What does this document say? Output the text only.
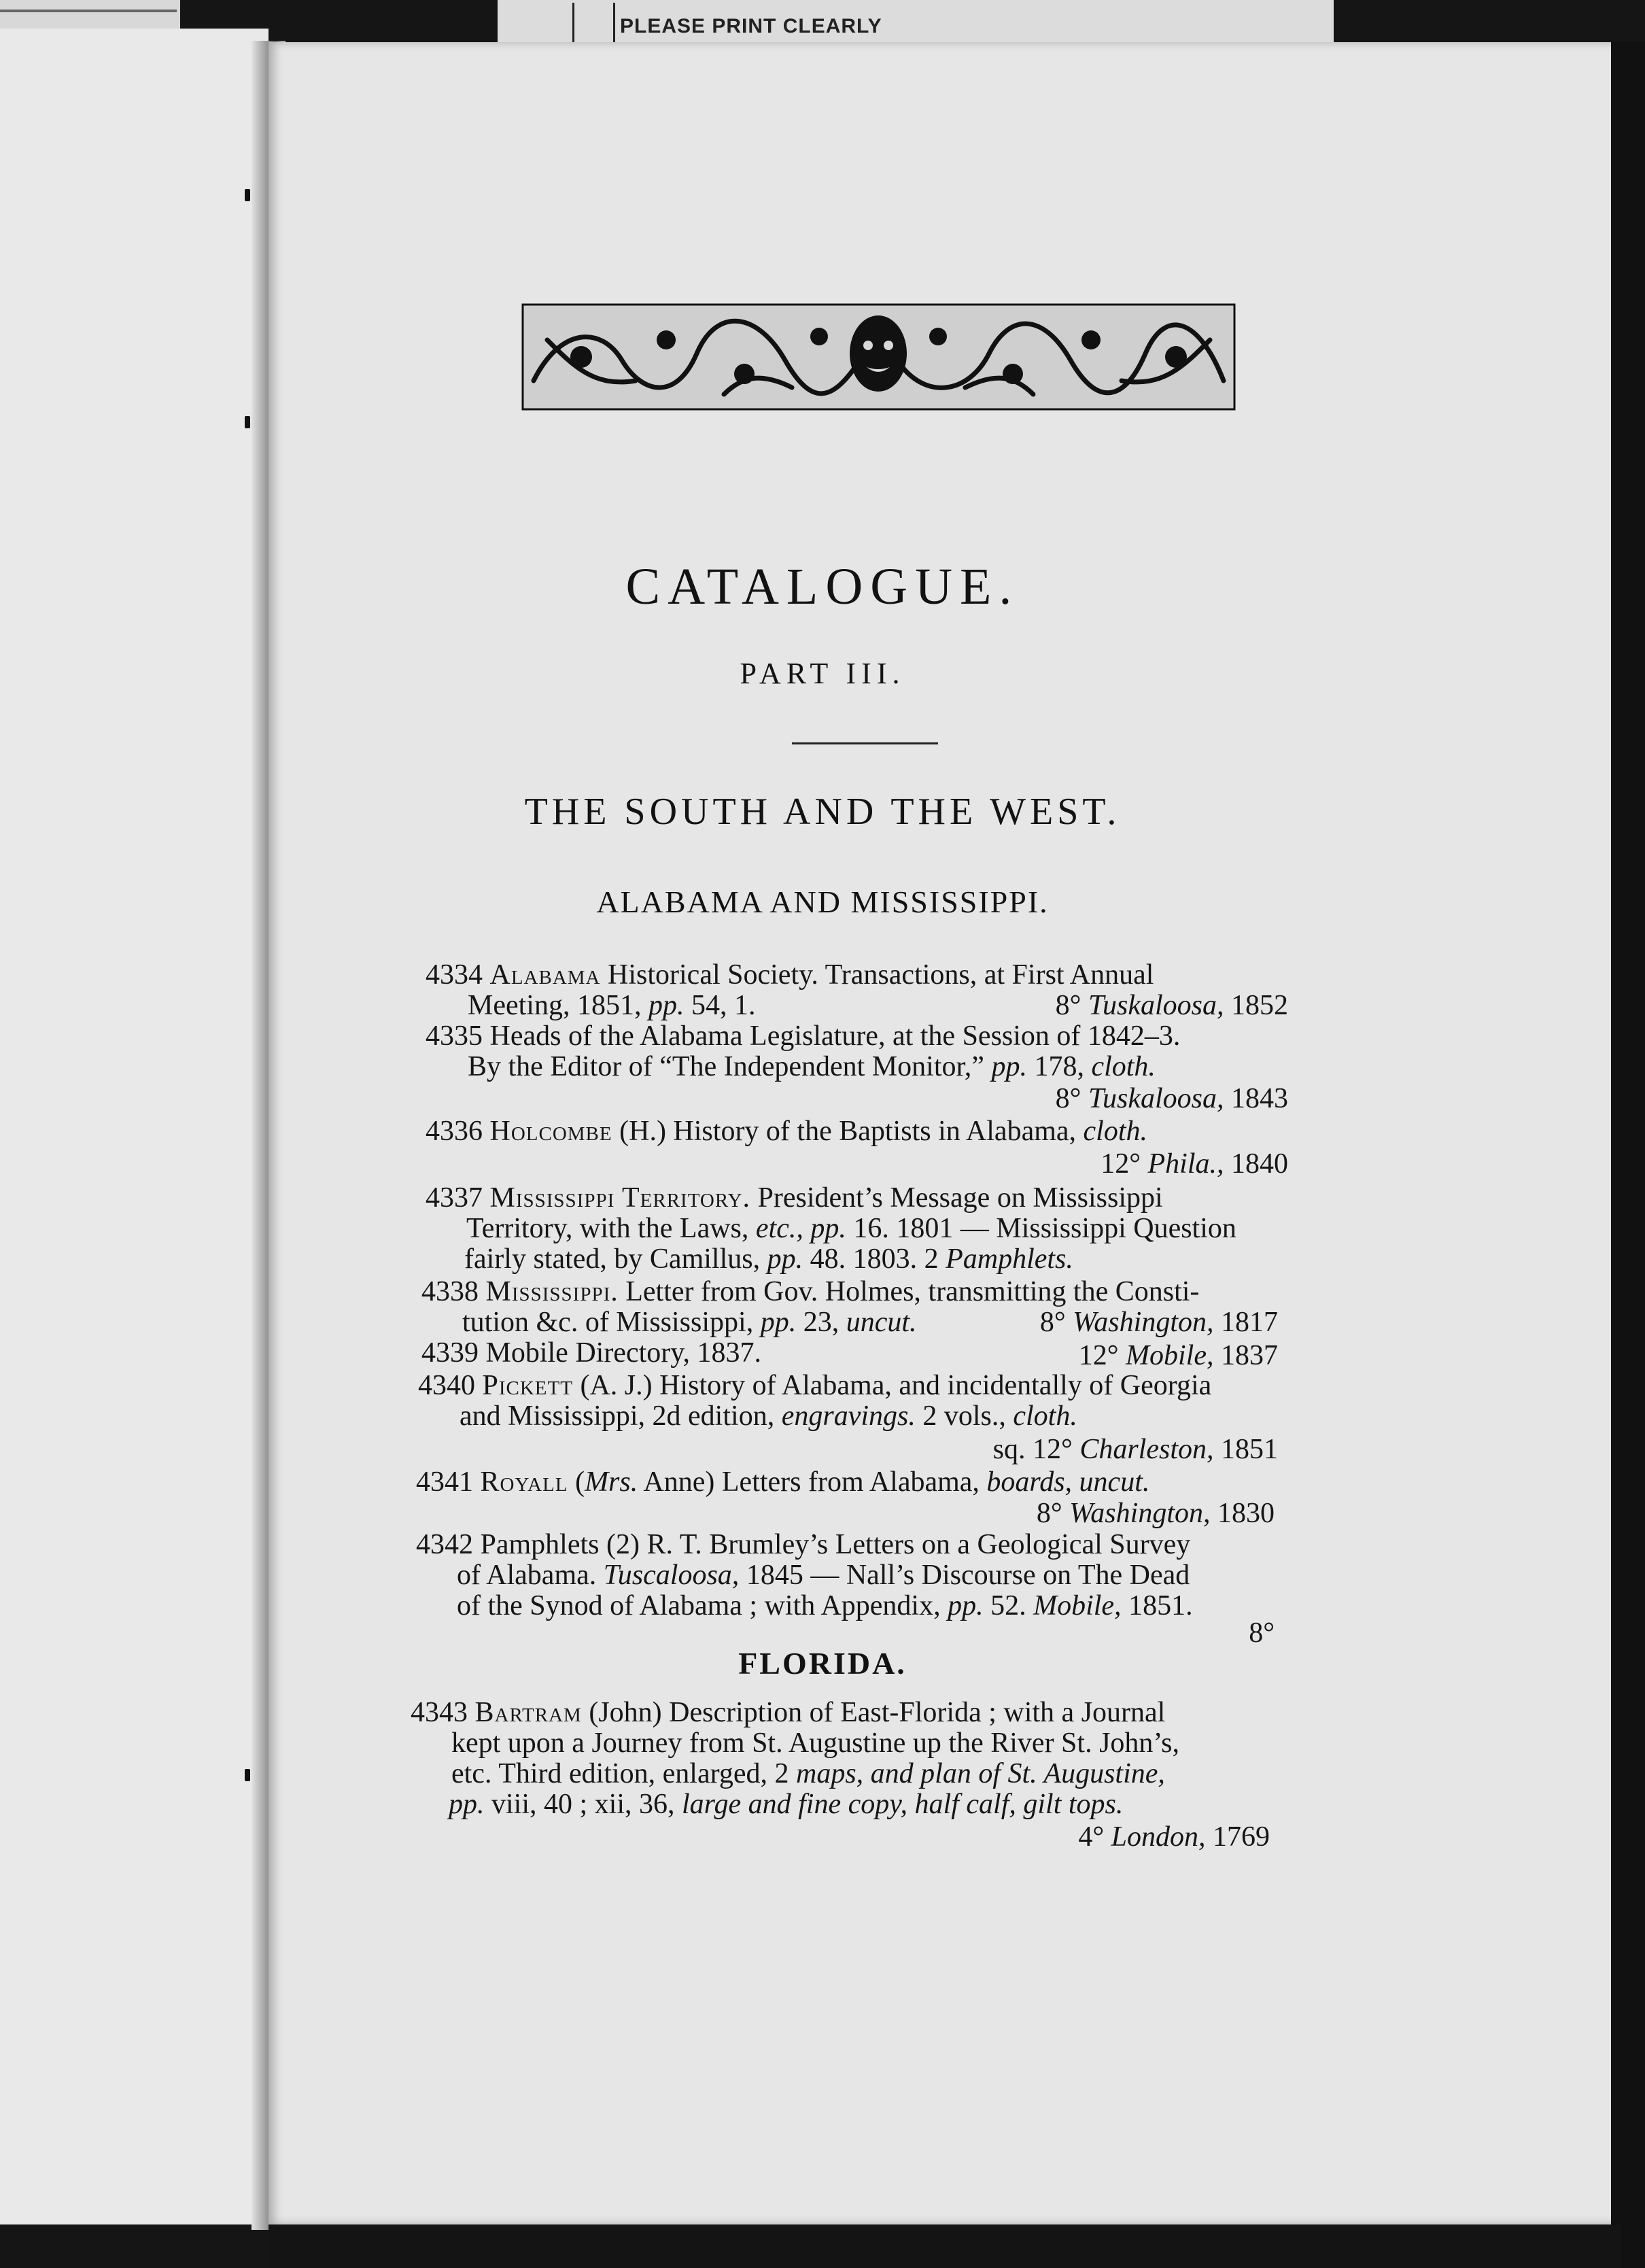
PLEASE PRINT CLEARLY
CATALOGUE.
PART III.
THE SOUTH AND THE WEST.
ALABAMA AND MISSISSIPPI.
FLORIDA.
4334 Alabama Historical Society. Transactions, at First Annual
Meeting, 1851, pp. 54, 1.	8° Tuskaloosa, 1852
4335 Heads of the Alabama Legislature, at the Session of 1842–3.
By the Editor of “The Independent Monitor,” pp. 178, cloth.
8° Tuskaloosa, 1843
4336 Holcombe (H.) History of the Baptists in Alabama, cloth.
12° Phila., 1840
4337 Mississippi Territory. President’s Message on Mississippi
Territory, with the Laws, etc., pp. 16. 1801 — Mississippi Question
fairly stated, by Camillus, pp. 48. 1803. 2 Pamphlets.
4338 Mississippi. Letter from Gov. Holmes, transmitting the Consti-
tution &c. of Mississippi, pp. 23, uncut.	8° Washington, 1817
4339 Mobile Directory, 1837.	12° Mobile, 1837
4340 Pickett (A. J.) History of Alabama, and incidentally of Georgia
and Mississippi, 2d edition, engravings. 2 vols., cloth.
sq. 12° Charleston, 1851
4341 Royall (Mrs. Anne) Letters from Alabama, boards, uncut.
8° Washington, 1830
4342 Pamphlets (2) R. T. Brumley’s Letters on a Geological Survey
of Alabama. Tuscaloosa, 1845 — Nall’s Discourse on The Dead
of the Synod of Alabama ; with Appendix, pp. 52. Mobile, 1851.
8°
4343 Bartram (John) Description of East-Florida ; with a Journal
kept upon a Journey from St. Augustine up the River St. John’s,
etc. Third edition, enlarged, 2 maps, and plan of St. Augustine,
pp. viii, 40 ; xii, 36, large and fine copy, half calf, gilt tops.
4° London, 1769
